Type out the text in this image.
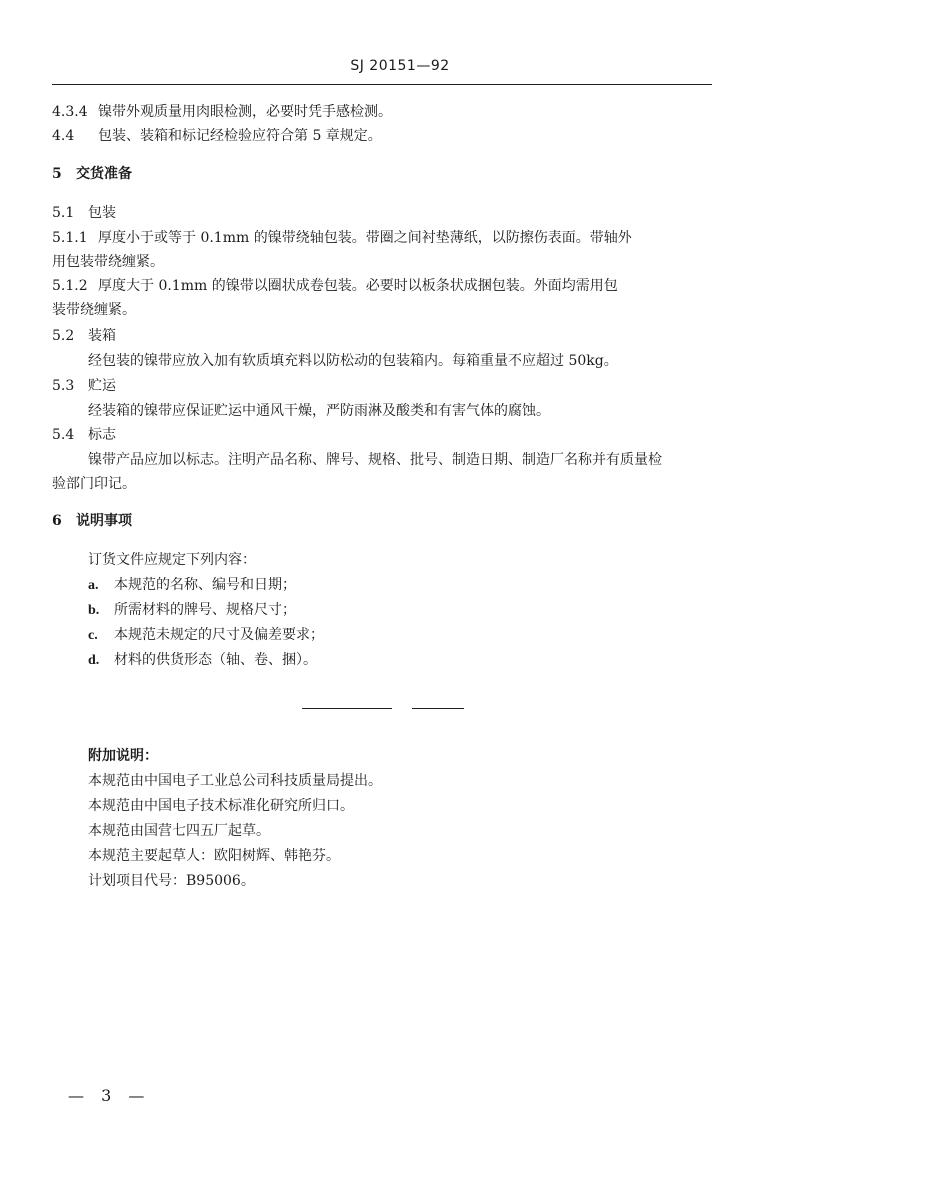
SJ 20151—92
4.3.4 镍带外观质量用肉眼检测，必要时凭手感检测。
4.4 包装、装箱和标记经检验应符合第 5 章规定。
5 交货准备
5.1 包装
5.1.1 厚度小于或等于 0.1mm 的镍带绕轴包装。带圈之间衬垫薄纸，以防擦伤表面。带轴外
用包装带绕缠紧。
5.1.2 厚度大于 0.1mm 的镍带以圈状成卷包装。必要时以板条状成捆包装。外面均需用包
装带绕缠紧。
5.2 装箱
经包装的镍带应放入加有软质填充料以防松动的包装箱内。每箱重量不应超过 50kg。
5.3 贮运
经装箱的镍带应保证贮运中通风干燥，严防雨淋及酸类和有害气体的腐蚀。
5.4 标志
镍带产品应加以标志。注明产品名称、牌号、规格、批号、制造日期、制造厂名称并有质量检
验部门印记。
6 说明事项
订货文件应规定下列内容：
a. 本规范的名称、编号和日期；
b. 所需材料的牌号、规格尺寸；
c. 本规范未规定的尺寸及偏差要求；
d. 材料的供货形态（轴、卷、捆）。
附加说明：
本规范由中国电子工业总公司科技质量局提出。
本规范由中国电子技术标准化研究所归口。
本规范由国营七四五厂起草。
本规范主要起草人：欧阳树辉、韩艳芬。
计划项目代号：B95006。
— 3 —
